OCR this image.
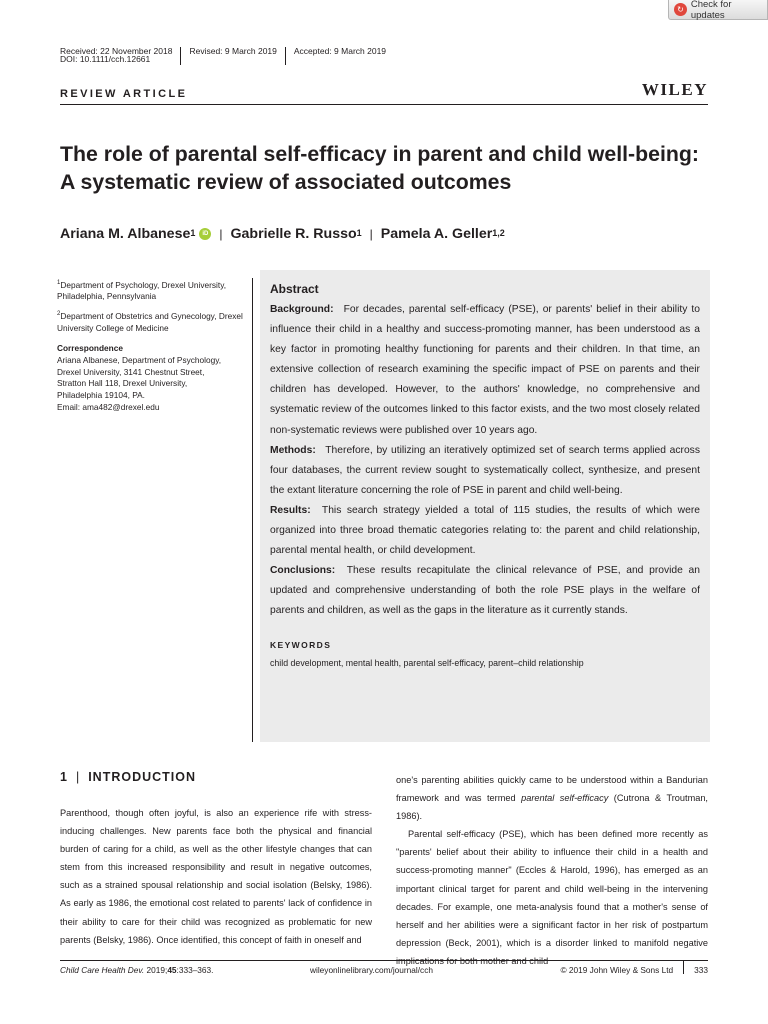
↻ Check for updates
Received: 22 November 2018	Revised: 9 March 2019	Accepted: 9 March 2019
DOI: 10.1111/cch.12661
REVIEW ARTICLE	WILEY
The role of parental self-efficacy in parent and child well-being:
A systematic review of associated outcomes
Ariana M. Albanese$^1$	iD | Gabrielle R. Russo$^1$ | Pamela A. Geller$^{1,2}$

$^1$Department of Psychology, Drexel University, Philadelphia, Pennsylvania

$^2$Department of Obstetrics and Gynecology, Drexel University College of Medicine

Correspondence
Ariana Albanese, Department of Psychology,
Drexel University, 3141 Chestnut Street,
Stratton Hall 118, Drexel University,
Philadelphia 19104, PA.
Email: ama482@drexel.edu
Abstract

Background: For decades, parental self-efficacy (PSE), or parents' belief in their ability to influence their child in a healthy and success-promoting manner, has been understood as a key factor in promoting healthy functioning for parents and their children. In that time, an extensive collection of research examining the specific impact of PSE on parents and their children has developed. However, to the authors' knowledge, no comprehensive and systematic review of the outcomes linked to this factor exists, and the two most closely related non-systematic reviews were published over 10 years ago.

Methods: Therefore, by utilizing an iteratively optimized set of search terms applied across four databases, the current review sought to systematically collect, synthesize, and present the extant literature concerning the role of PSE in parent and child well-being.

Results: This search strategy yielded a total of 115 studies, the results of which were organized into three broad thematic categories relating to: the parent and child relationship, parental mental health, or child development.

Conclusions: These results recapitulate the clinical relevance of PSE, and provide an updated and comprehensive understanding of both the role PSE plays in the welfare of parents and children, as well as the gaps in the literature as it currently stands.

KEYWORDS
child development, mental health, parental self-efficacy, parent–child relationship
1 | INTRODUCTION

Parenthood, though often joyful, is also an experience rife with stress-inducing challenges. New parents face both the physical and financial burden of caring for a child, as well as the other lifestyle changes that can stem from this increased responsibility and result in negative outcomes, such as a strained spousal relationship and social isolation (Belsky, 1986). As early as 1986, the emotional cost related to parents' lack of confidence in their ability to care for their child was recognized as problematic for new parents (Belsky, 1986). Once identified, this concept of faith in oneself and

one's parenting abilities quickly came to be understood within a Bandurian framework and was termed parental self-efficacy (Cutrona & Troutman, 1986).

Parental self-efficacy (PSE), which has been defined more recently as "parents' belief about their ability to influence their child in a health and success-promoting manner" (Eccles & Harold, 1996), has emerged as an important clinical target for parent and child well-being in the intervening decades. For example, one meta-analysis found that a mother's sense of herself and her abilities were a significant factor in her risk of postpartum depression (Beck, 2001), which is a disorder linked to manifold negative

Child Care Health Dev. 2019;45:333–363.	wileyonlinelibrary.com/journal/cch	© 2019 John Wiley & Sons Ltd	333
